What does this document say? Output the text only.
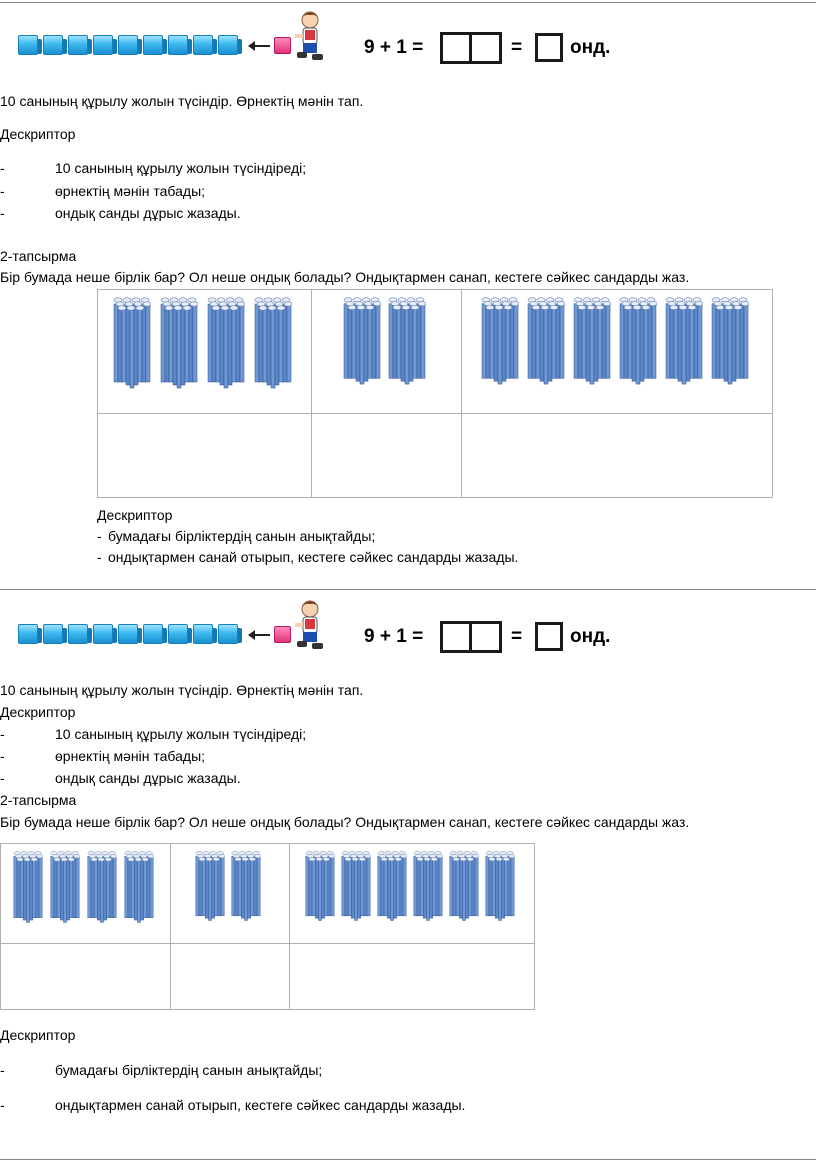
9 + 1 =	=	онд.
10 санының құрылу жолын түсіндір. Өрнектің мәнін тап.
Дескриптор
-	10 санының құрылу жолын түсіндіреді;
-	өрнектің мәнін табады;
-	ондық санды дұрыс жазады.
2-тапсырма
Бір бумада неше бірлік бар? Ол неше ондық болады? Ондықтармен санап, кестеге сәйкес сандарды жаз.

Дескриптор
- бумадағы бірліктердің санын анықтайды;
- ондықтармен санай отырып, кестеге сәйкес сандарды жазады.
9 + 1 =	=	онд.
10 санының құрылу жолын түсіндір. Өрнектің мәнін тап.
Дескриптор
-	10 санының құрылу жолын түсіндіреді;
-	өрнектің мәнін табады;
-	ондық санды дұрыс жазады.
2-тапсырма
Бір бумада неше бірлік бар? Ол неше ондық болады? Ондықтармен санап, кестеге сәйкес сандарды жаз.

Дескриптор
-	бумадағы бірліктердің санын анықтайды;
-	ондықтармен санай отырып, кестеге сәйкес сандарды жазады.
